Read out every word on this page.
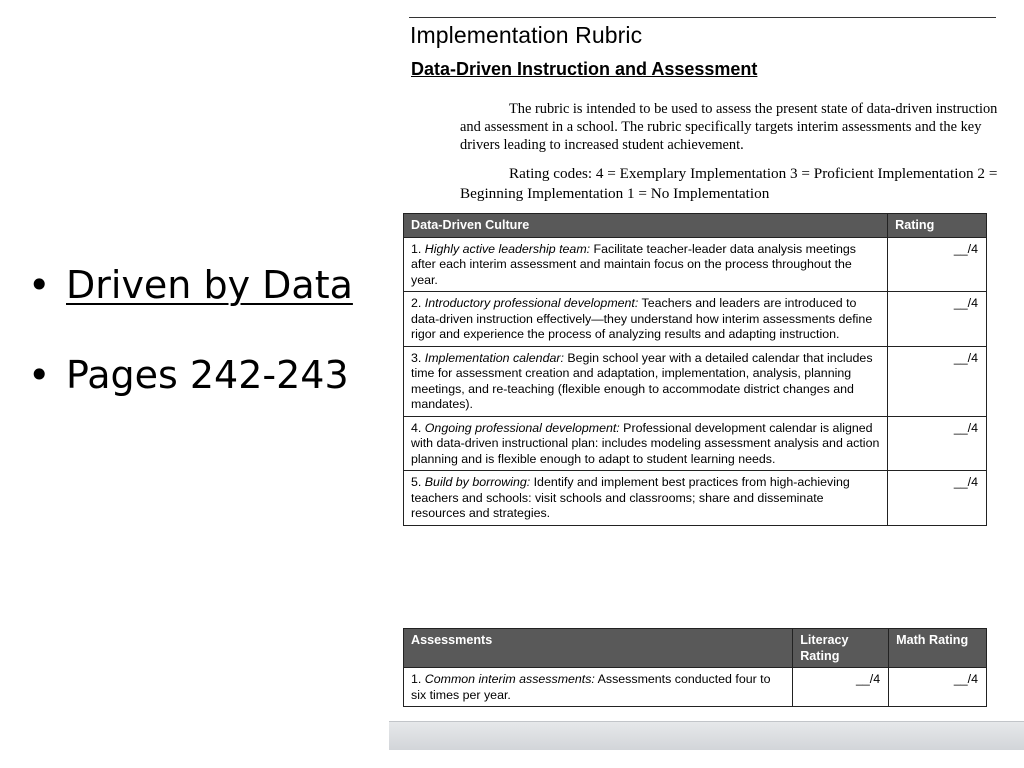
• Driven by Data
• Pages 242-243
Implementation Rubric
Data-Driven Instruction and Assessment

The rubric is intended to be used to assess the present state of data-driven instruction and assessment in a school. The rubric specifically targets interim assessments and the key drivers leading to increased student achievement.

Rating codes: 4 = Exemplary Implementation 3 = Proficient Implementation 2 = Beginning Implementation 1 = No Implementation

Data-Driven Culture	Rating
1. Highly active leadership team: Facilitate teacher-leader data analysis meetings after each interim assessment and maintain focus on the process throughout the year.	__/4
2. Introductory professional development: Teachers and leaders are introduced to data-driven instruction effectively—they understand how interim assessments define rigor and experience the process of analyzing results and adapting instruction.	__/4
3. Implementation calendar: Begin school year with a detailed calendar that includes time for assessment creation and adaptation, implementation, analysis, planning meetings, and re-teaching (flexible enough to accommodate district changes and mandates).	__/4
4. Ongoing professional development: Professional development calendar is aligned with data-driven instructional plan: includes modeling assessment analysis and action planning and is flexible enough to adapt to student learning needs.	__/4
5. Build by borrowing: Identify and implement best practices from high-achieving teachers and schools: visit schools and classrooms; share and disseminate resources and strategies.	__/4
Assessments	Literacy Rating	Math Rating
1. Common interim assessments: Assessments conducted four to six times per year.	__/4	__/4
